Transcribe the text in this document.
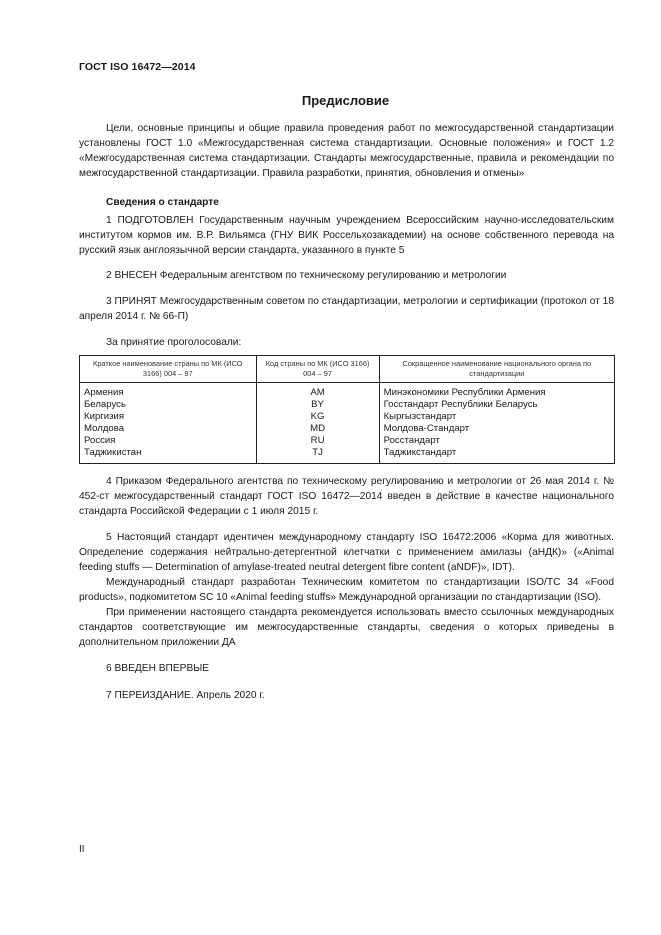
ГОСТ ISO 16472—2014
Предисловие

Цели, основные принципы и общие правила проведения работ по межгосударственной стандартизации установлены ГОСТ 1.0 «Межгосударственная система стандартизации. Основные положения» и ГОСТ 1.2 «Межгосударственная система стандартизации. Стандарты межгосударственные, правила и рекомендации по межгосударственной стандартизации. Правила разработки, принятия, обновления и отмены»

Сведения о стандарте

1 ПОДГОТОВЛЕН Государственным научным учреждением Всероссийским научно-исследовательским институтом кормов им. В.Р. Вильямса (ГНУ ВИК Россельхозакадемии) на основе собственного перевода на русский язык англоязычной версии стандарта, указанного в пункте 5

2 ВНЕСЕН Федеральным агентством по техническому регулированию и метрологии

3 ПРИНЯТ Межгосударственным советом по стандартизации, метрологии и сертификации (протокол от 18 апреля 2014 г. № 66-П)

За принятие проголосовали:

Краткое наименование страны по МК (ИСО 3166) 004 – 97	Код страны по МК (ИСО 3166) 004 – 97	Сокращенное наименование национального органа по стандартизации
Армения	AM	Минэкономики Республики Армения
Беларусь	BY	Госстандарт Республики Беларусь
Киргизия	KG	Кыргызстандарт
Молдова	MD	Молдова-Стандарт
Россия	RU	Росстандарт
Таджикистан	TJ	Таджикстандарт

4 Приказом Федерального агентства по техническому регулированию и метрологии от 26 мая 2014 г. № 452-ст межгосударственный стандарт ГОСТ ISO 16472—2014 введен в действие в качестве национального стандарта Российской Федерации с 1 июля 2015 г.

5 Настоящий стандарт идентичен международному стандарту ISO 16472:2006 «Корма для животных. Определение содержания нейтрально-детергентной клетчатки с применением амилазы (аНДК)» («Animal feeding stuffs — Determination of amylase-treated neutral detergent fibre content (aNDF)», IDT).

Международный стандарт разработан Техническим комитетом по стандартизации ISO/TC 34 «Food products», подкомитетом SC 10 «Animal feeding stuffs» Международной организации по стандартизации (ISO).

При применении настоящего стандарта рекомендуется использовать вместо ссылочных международных стандартов соответствующие им межгосударственные стандарты, сведения о которых приведены в дополнительном приложении ДА

6 ВВЕДЕН ВПЕРВЫЕ

7 ПЕРЕИЗДАНИЕ. Апрель 2020 г.

II
